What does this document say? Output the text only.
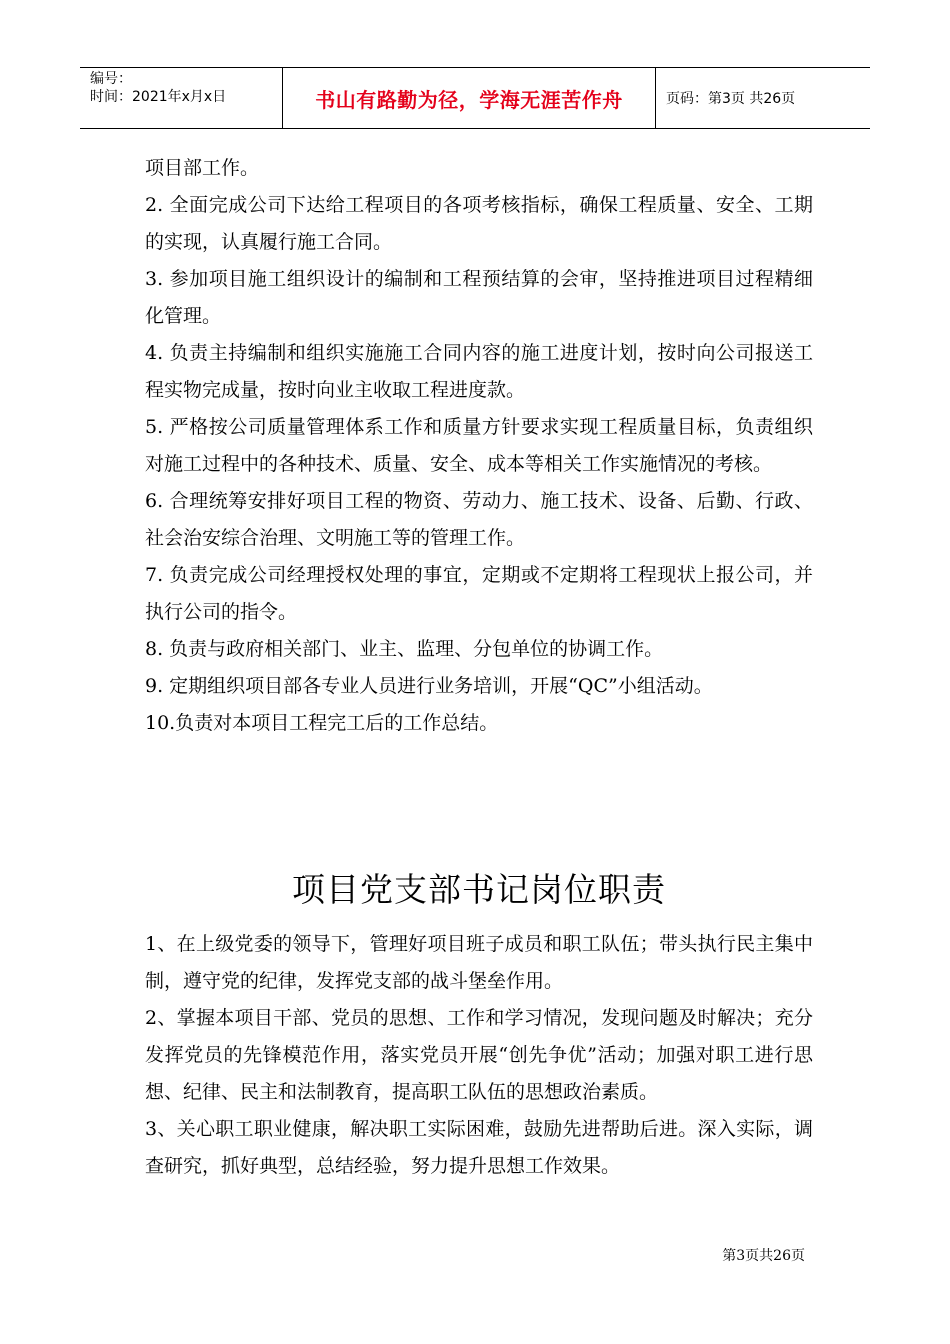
编号：
时间：2021年x月x日	书山有路勤为径，学海无涯苦作舟	页码：第3页 共26页

项目部工作。

2. 全面完成公司下达给工程项目的各项考核指标，确保工程质量、安全、工期的实现，认真履行施工合同。

3. 参加项目施工组织设计的编制和工程预结算的会审，坚持推进项目过程精细化管理。

4. 负责主持编制和组织实施施工合同内容的施工进度计划，按时向公司报送工程实物完成量，按时向业主收取工程进度款。

5. 严格按公司质量管理体系工作和质量方针要求实现工程质量目标，负责组织对施工过程中的各种技术、质量、安全、成本等相关工作实施情况的考核。

6. 合理统筹安排好项目工程的物资、劳动力、施工技术、设备、后勤、行政、社会治安综合治理、文明施工等的管理工作。

7. 负责完成公司经理授权处理的事宜，定期或不定期将工程现状上报公司，并执行公司的指令。

8. 负责与政府相关部门、业主、监理、分包单位的协调工作。

9. 定期组织项目部各专业人员进行业务培训，开展“QC”小组活动。

10.负责对本项目工程完工后的工作总结。

项目党支部书记岗位职责

1、在上级党委的领导下，管理好项目班子成员和职工队伍；带头执行民主集中制，遵守党的纪律，发挥党支部的战斗堡垒作用。

2、掌握本项目干部、党员的思想、工作和学习情况，发现问题及时解决；充分发挥党员的先锋模范作用，落实党员开展“创先争优”活动；加强对职工进行思想、纪律、民主和法制教育，提高职工队伍的思想政治素质。

3、关心职工职业健康，解决职工实际困难，鼓励先进帮助后进。深入实际，调查研究，抓好典型，总结经验，努力提升思想工作效果。

第3页共26页
